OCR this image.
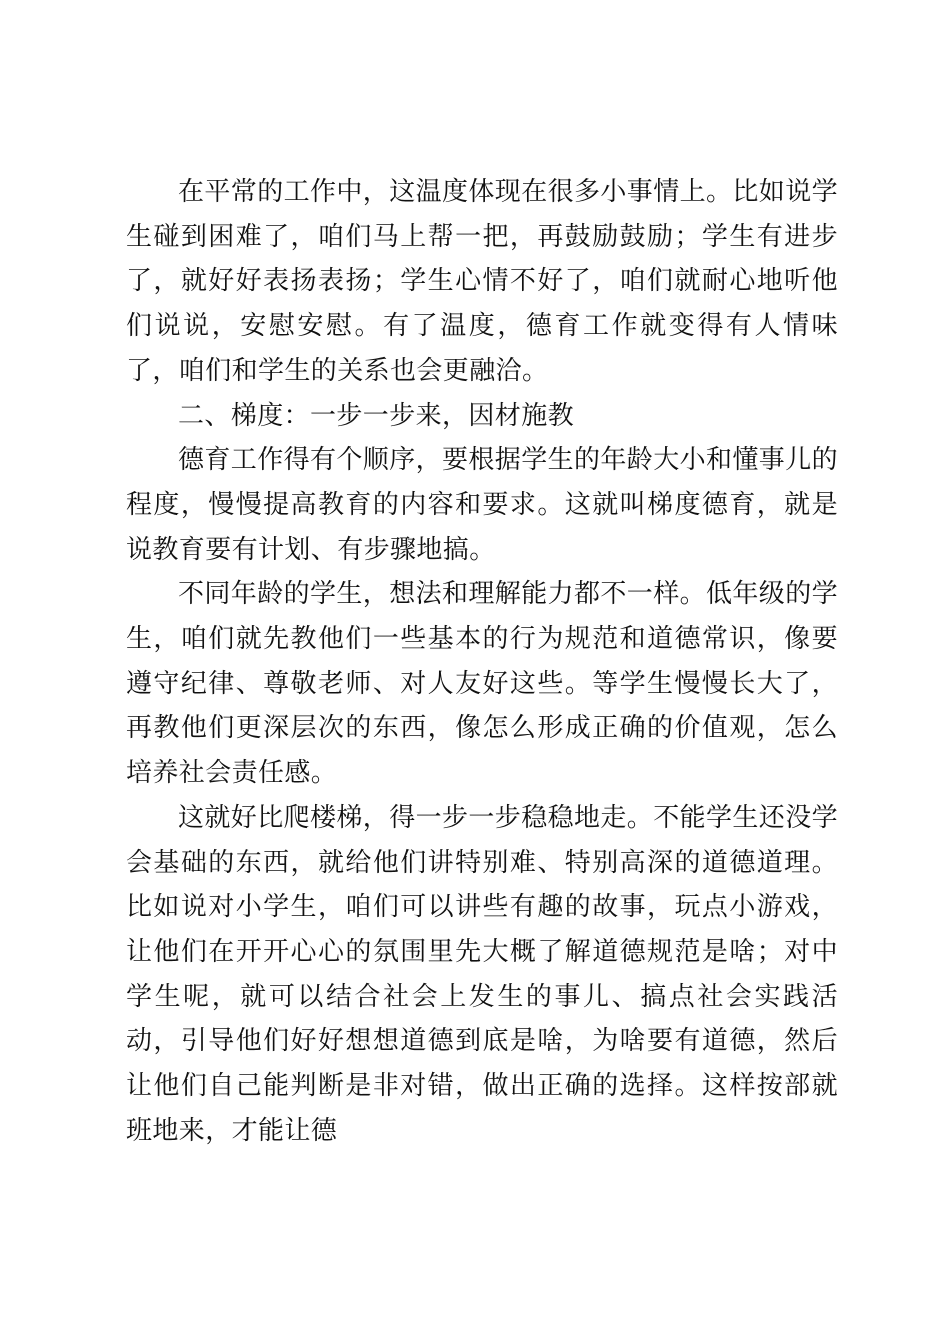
在平常的工作中，这温度体现在很多小事情上。比如说学生碰到困难了，咱们马上帮一把，再鼓励鼓励；学生有进步了，就好好表扬表扬；学生心情不好了，咱们就耐心地听他们说说，安慰安慰。有了温度，德育工作就变得有人情味了，咱们和学生的关系也会更融洽。

二、梯度：一步一步来，因材施教

德育工作得有个顺序，要根据学生的年龄大小和懂事儿的程度，慢慢提高教育的内容和要求。这就叫梯度德育，就是说教育要有计划、有步骤地搞。

不同年龄的学生，想法和理解能力都不一样。低年级的学生，咱们就先教他们一些基本的行为规范和道德常识，像要遵守纪律、尊敬老师、对人友好这些。等学生慢慢长大了，再教他们更深层次的东西，像怎么形成正确的价值观，怎么培养社会责任感。

这就好比爬楼梯，得一步一步稳稳地走。不能学生还没学会基础的东西，就给他们讲特别难、特别高深的道德道理。比如说对小学生，咱们可以讲些有趣的故事，玩点小游戏，让他们在开开心心的氛围里先大概了解道德规范是啥；对中学生呢，就可以结合社会上发生的事儿、搞点社会实践活动，引导他们好好想想道德到底是啥，为啥要有道德，然后让他们自己能判断是非对错，做出正确的选择。这样按部就班地来，才能让德
